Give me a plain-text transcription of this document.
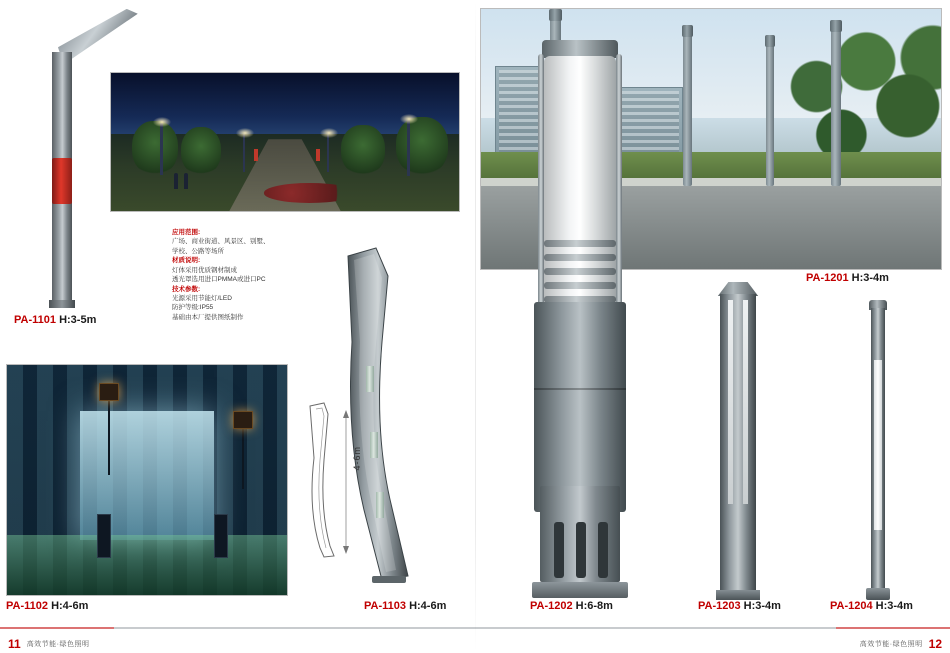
PA-1101 H:3-5m
应用范围:
广场、商业街道、风景区、别墅、
学校、公路等场所
材质说明:
灯体采用优质钢材制成
透光罩选用进口PMMA或进口PC
技术参数:
光源采用节能灯/LED
防护等级:IP55
基础由本厂提供图纸制作
PA-1102 H:4-6m
4-6m
PA-1103 H:4-6m
PA-1201 H:3-4m
PA-1202 H:6-8m	PA-1203 H:3-4m	PA-1204 H:3-4m
11 高效节能·绿色照明	12
高效节能·绿色照明
